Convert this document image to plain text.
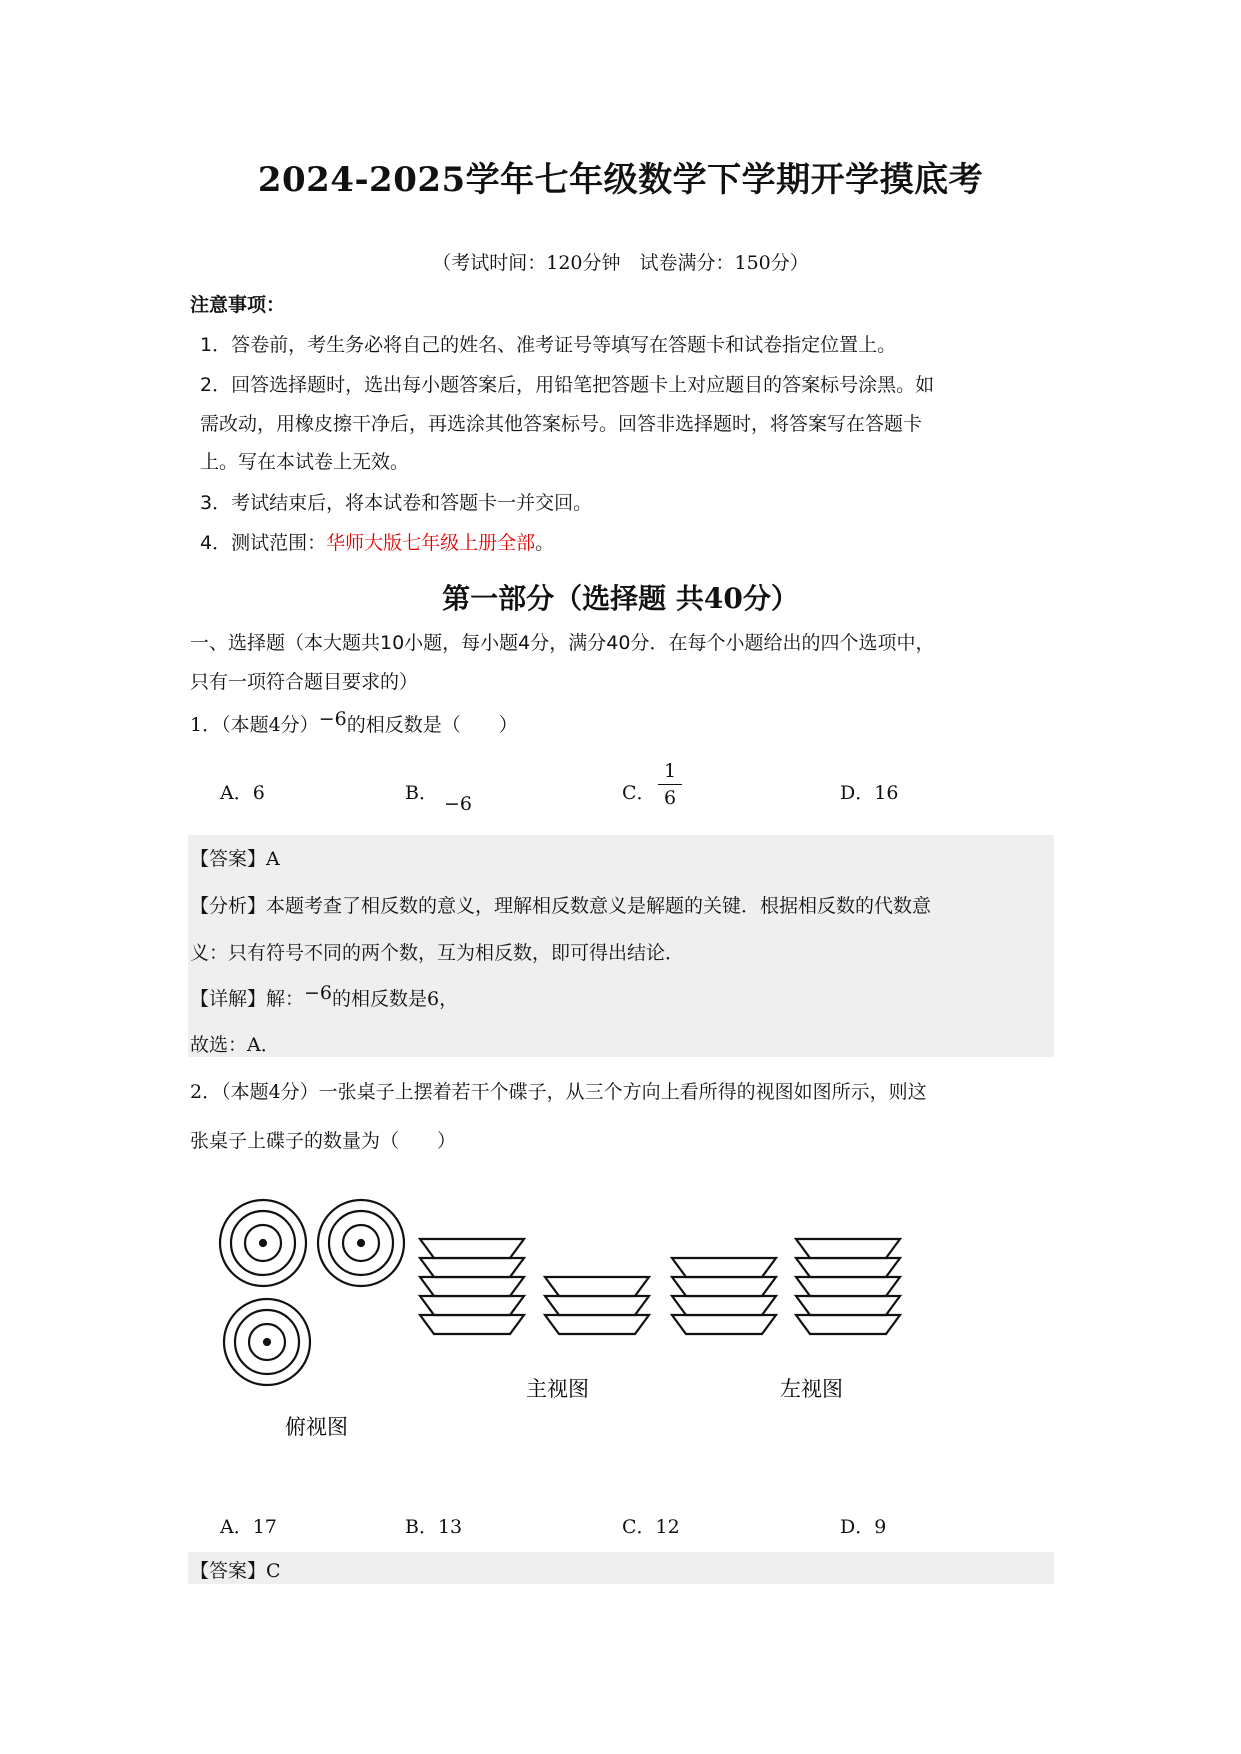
2024-2025学年七年级数学下学期开学摸底考
（考试时间：120分钟　试卷满分：150分）
注意事项：
1．答卷前，考生务必将自己的姓名、准考证号等填写在答题卡和试卷指定位置上。
2．回答选择题时，选出每小题答案后，用铅笔把答题卡上对应题目的答案标号涂黑。如
需改动，用橡皮擦干净后，再选涂其他答案标号。回答非选择题时，将答案写在答题卡
上。写在本试卷上无效。
3．考试结束后，将本试卷和答题卡一并交回。
4．测试范围：华师大版七年级上册全部。
第一部分（选择题 共40分）
一、选择题（本大题共10小题，每小题4分，满分40分．在每个小题给出的四个选项中，
只有一项符合题目要求的）
1．（本题4分）−6的相反数是（　　）
A．6	B． −6	C．
1
6	D．16
【答案】A
【分析】本题考查了相反数的意义，理解相反数意义是解题的关键．根据相反数的代数意
义：只有符号不同的两个数，互为相反数，即可得出结论．
【详解】解：−6的相反数是6，
故选：A．
2．（本题4分）一张桌子上摆着若干个碟子，从三个方向上看所得的视图如图所示，则这
张桌子上碟子的数量为（　　）
俯视图
主视图	左视图
A．17	B．13	C．12	D．9
【答案】C
